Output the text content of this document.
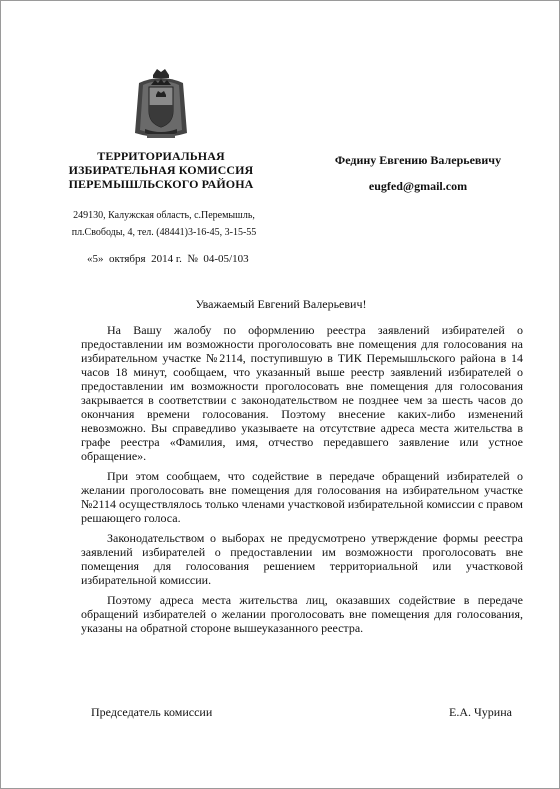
ТЕРРИТОРИАЛЬНАЯ
ИЗБИРАТЕЛЬНАЯ КОМИССИЯ
ПЕРЕМЫШЛЬСКОГО РАЙОНА
249130, Калужская область, с.Перемышль,
пл.Свободы, 4, тел. (48441)3-16-45, 3-15-55
«5»  октября  2014 г.  №  04-05/103
Федину Евгению Валерьевичу
eugfed@gmail.com
Уважаемый Евгений Валерьевич!

На Вашу жалобу по оформлению реестра заявлений избирателей о предоставлении им возможности проголосовать вне помещения для голосования на избирательном участке №2114, поступившую в ТИК Перемышльского района в 14 часов 18 минут, сообщаем, что указанный выше реестр заявлений избирателей о предоставлении им возможности проголосовать вне помещения для голосования закрывается в соответствии с законодательством не позднее чем за шесть часов до окончания времени голосования. Поэтому внесение каких-либо изменений невозможно. Вы справедливо указываете на отсутствие адреса места жительства в графе реестра «Фамилия, имя, отчество передавшего заявление или устное обращение».

При этом сообщаем, что содействие в передаче обращений избирателей о желании проголосовать вне помещения для голосования на избирательном участке №2114 осуществлялось только членами участковой избирательной комиссии с правом решающего голоса.

Законодательством о выборах не предусмотрено утверждение формы реестра заявлений избирателей о предоставлении им возможности проголосовать вне помещения для голосования решением территориальной или участковой избирательной комиссии.

Поэтому адреса места жительства лиц, оказавших содействие в передаче обращений избирателей о желании проголосовать вне помещения для голосования, указаны на обратной стороне вышеуказанного реестра.

Председатель комиссии	Е.А. Чурина
